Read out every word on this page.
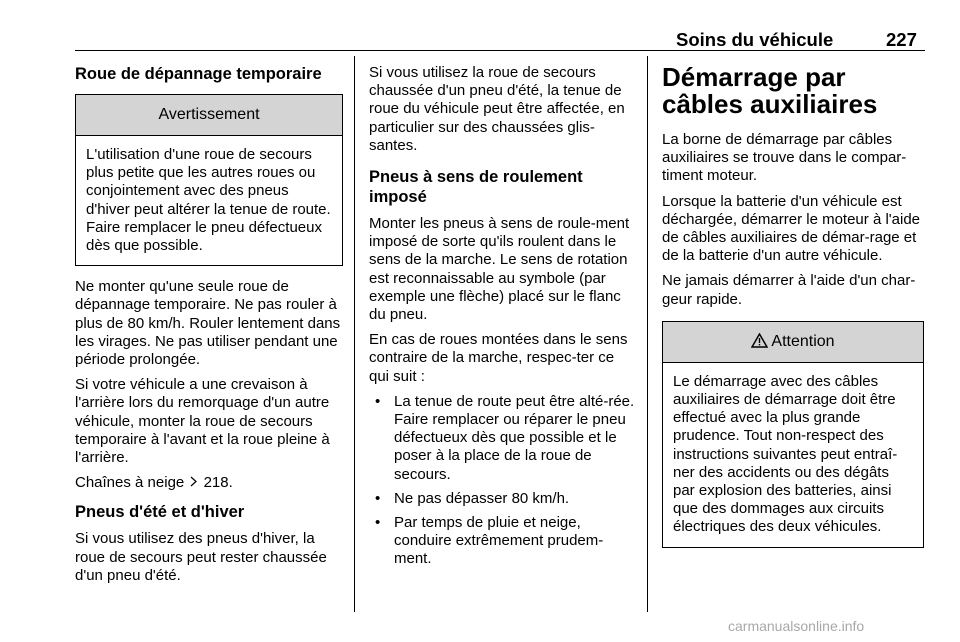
Soins du véhicule	227
Roue de dépannage temporaire
Avertissement
L'utilisation d'une roue de secours plus petite que les autres roues ou conjointement avec des pneus d'hiver peut altérer la tenue de route. Faire remplacer le pneu défectueux dès que possible.

Ne monter qu'une seule roue de dépannage temporaire. Ne pas rouler à plus de 80 km/h. Rouler lentement dans les virages. Ne pas utiliser pendant une période prolongée.

Si votre véhicule a une crevaison à l'arrière lors du remorquage d'un autre véhicule, monter la roue de secours temporaire à l'avant et la roue pleine à l'arrière.

Chaînes à neige 218.

Pneus d'été et d'hiver

Si vous utilisez des pneus d'hiver, la roue de secours peut rester chaussée d'un pneu d'été.

Si vous utilisez la roue de secours chaussée d'un pneu d'été, la tenue de roue du véhicule peut être affectée, en particulier sur des chaussées glis-santes.

Pneus à sens de roulement imposé

Monter les pneus à sens de roule-ment imposé de sorte qu'ils roulent dans le sens de la marche. Le sens de rotation est reconnaissable au symbole (par exemple une flèche) placé sur le flanc du pneu.

En cas de roues montées dans le sens contraire de la marche, respec-ter ce qui suit :

• La tenue de route peut être alté-rée. Faire remplacer ou réparer le pneu défectueux dès que possible et le poser à la place de la roue de secours.
• Ne pas dépasser 80 km/h.
• Par temps de pluie et neige, conduire extrêmement prudem-ment.
Démarrage par câbles auxiliaires

La borne de démarrage par câbles auxiliaires se trouve dans le compar-timent moteur.

Lorsque la batterie d'un véhicule est déchargée, démarrer le moteur à l'aide de câbles auxiliaires de démar-rage et de la batterie d'un autre véhicule.

Ne jamais démarrer à l'aide d'un char-geur rapide.

Attention
Le démarrage avec des câbles auxiliaires de démarrage doit être effectué avec la plus grande prudence. Tout non-respect des instructions suivantes peut entraî-ner des accidents ou des dégâts par explosion des batteries, ainsi que des dommages aux circuits électriques des deux véhicules.
carmanualsonline.info
